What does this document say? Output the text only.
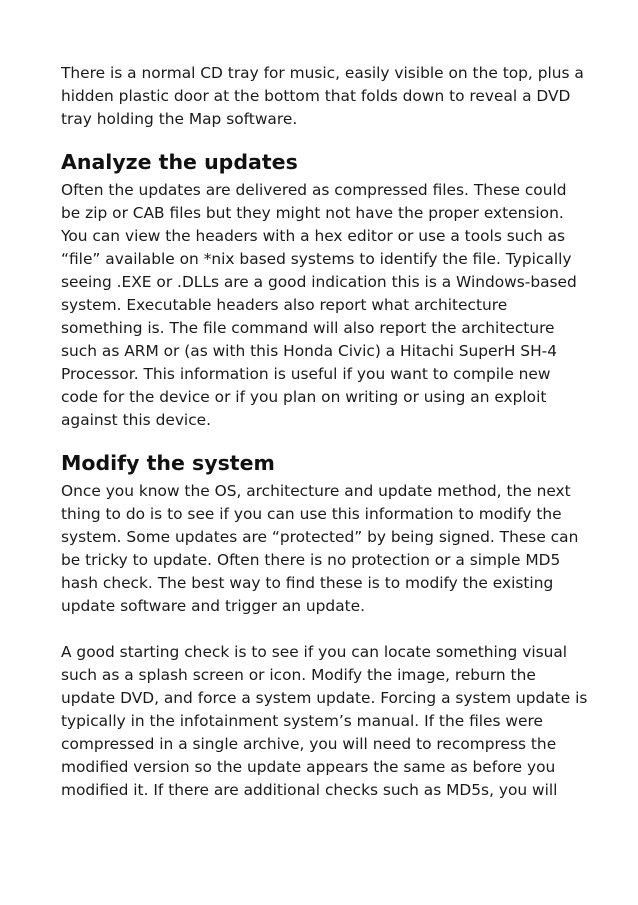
There is a normal CD tray for music, easily visible on the top, plus a
hidden plastic door at the bottom that folds down to reveal a DVD
tray holding the Map software.

Analyze the updates

Often the updates are delivered as compressed files. These could
be zip or CAB files but they might not have the proper extension.
You can view the headers with a hex editor or use a tools such as
“file” available on *nix based systems to identify the file. Typically
seeing .EXE or .DLLs are a good indication this is a Windows-based
system. Executable headers also report what architecture
something is. The file command will also report the architecture
such as ARM or (as with this Honda Civic) a Hitachi SuperH SH-4
Processor. This information is useful if you want to compile new
code for the device or if you plan on writing or using an exploit
against this device.

Modify the system

Once you know the OS, architecture and update method, the next
thing to do is to see if you can use this information to modify the
system. Some updates are “protected” by being signed. These can
be tricky to update. Often there is no protection or a simple MD5
hash check. The best way to find these is to modify the existing
update software and trigger an update.

A good starting check is to see if you can locate something visual
such as a splash screen or icon. Modify the image, reburn the
update DVD, and force a system update. Forcing a system update is
typically in the infotainment system’s manual. If the files were
compressed in a single archive, you will need to recompress the
modified version so the update appears the same as before you
modified it. If there are additional checks such as MD5s, you will
